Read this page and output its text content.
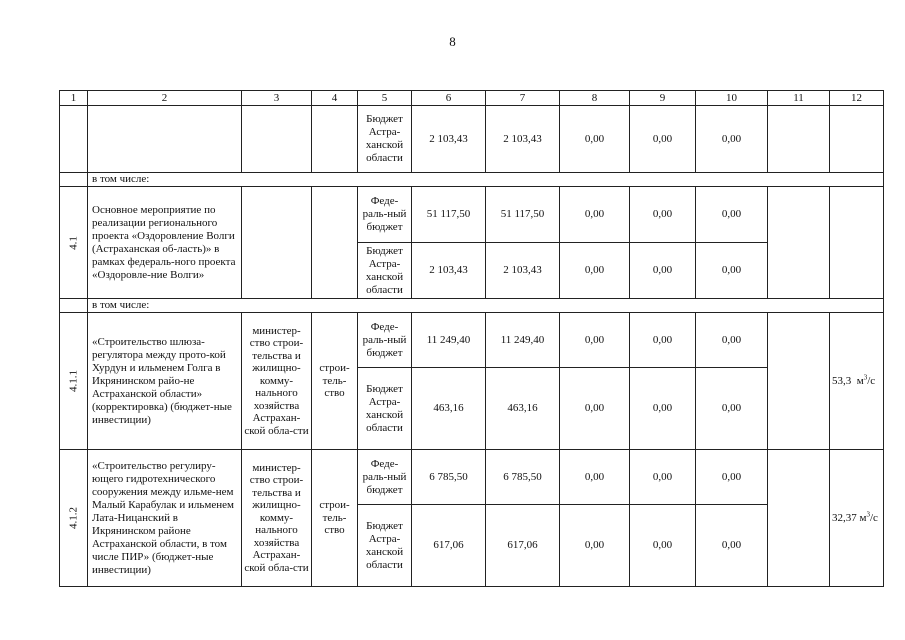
8
1	2	3	4	5	6	7	8	9	10	11	12
				Бюджет Астра-ханской области	2 103,43	2 103,43	0,00	0,00	0,00		
	в том числе:										

4.1	Основное мероприятие по реализации регионального проекта «Оздоровление Волги (Астраханская об-ласть)» в рамках федераль-ного проекта «Оздоровле-ние Волги»			Феде-раль-ный бюджет	51 117,50	51 117,50	0,00	0,00	0,00		
				Бюджет Астра-ханской области	2 103,43	2 103,43	0,00	0,00	0,00		
	в том числе:										

4.1.1	«Строительство шлюза-регулятора между прото-кой Хурдун и ильменем Голга в Икрянинском райо-не Астраханской области» (корректировка) (бюджет-ные инвестиции)	министер-ство строи-тельства и жилищно-комму-нального хозяйства Астрахан-ской обла-сти	строи-тель-ство	Феде-раль-ный бюджет	11 249,40	11 249,40	0,00	0,00	0,00		53,3 $м^3/с$
				Бюджет Астра-ханской области	463,16	463,16	0,00	0,00	0,00		

4.1.2	«Строительство регулиру-ющего гидротехнического сооружения между ильме-нем Малый Карабулак и ильменем Лата-Ницанский в Икрянинском районе Астраханской области, в том числе ПИР» (бюджет-ные инвестиции)	министер-ство строи-тельства и жилищно-комму-нального хозяйства Астрахан-ской обла-сти	строи-тель-ство	Феде-раль-ный бюджет	6 785,50	6 785,50	0,00	0,00	0,00		32,37 $м^3/с$
				Бюджет Астра-ханской области	617,06	617,06	0,00	0,00	0,00		
